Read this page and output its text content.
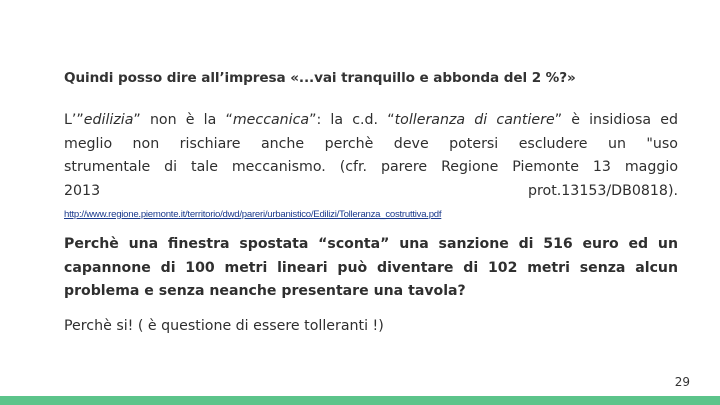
Quindi posso dire all’impresa «...vai tranquillo e abbonda del 2 %?»

L’”edilizia” non è la “meccanica”: la c.d. “tolleranza di cantiere” è insidiosa ed
meglio non rischiare anche perchè deve potersi escludere un "uso
strumentale di tale meccanismo. (cfr. parere Regione Piemonte 13 maggio
2013	prot.13153/DB0818).
http://www.regione.piemonte.it/territorio/dwd/pareri/urbanistico/Edilizi/Tolleranza_costruttiva.pdf
Perchè una finestra spostata “sconta” una sanzione di 516 euro ed un
capannone di 100 metri lineari può diventare di 102 metri senza alcun
problema e senza neanche presentare una tavola?

Perchè si! ( è questione di essere tolleranti !)

29
